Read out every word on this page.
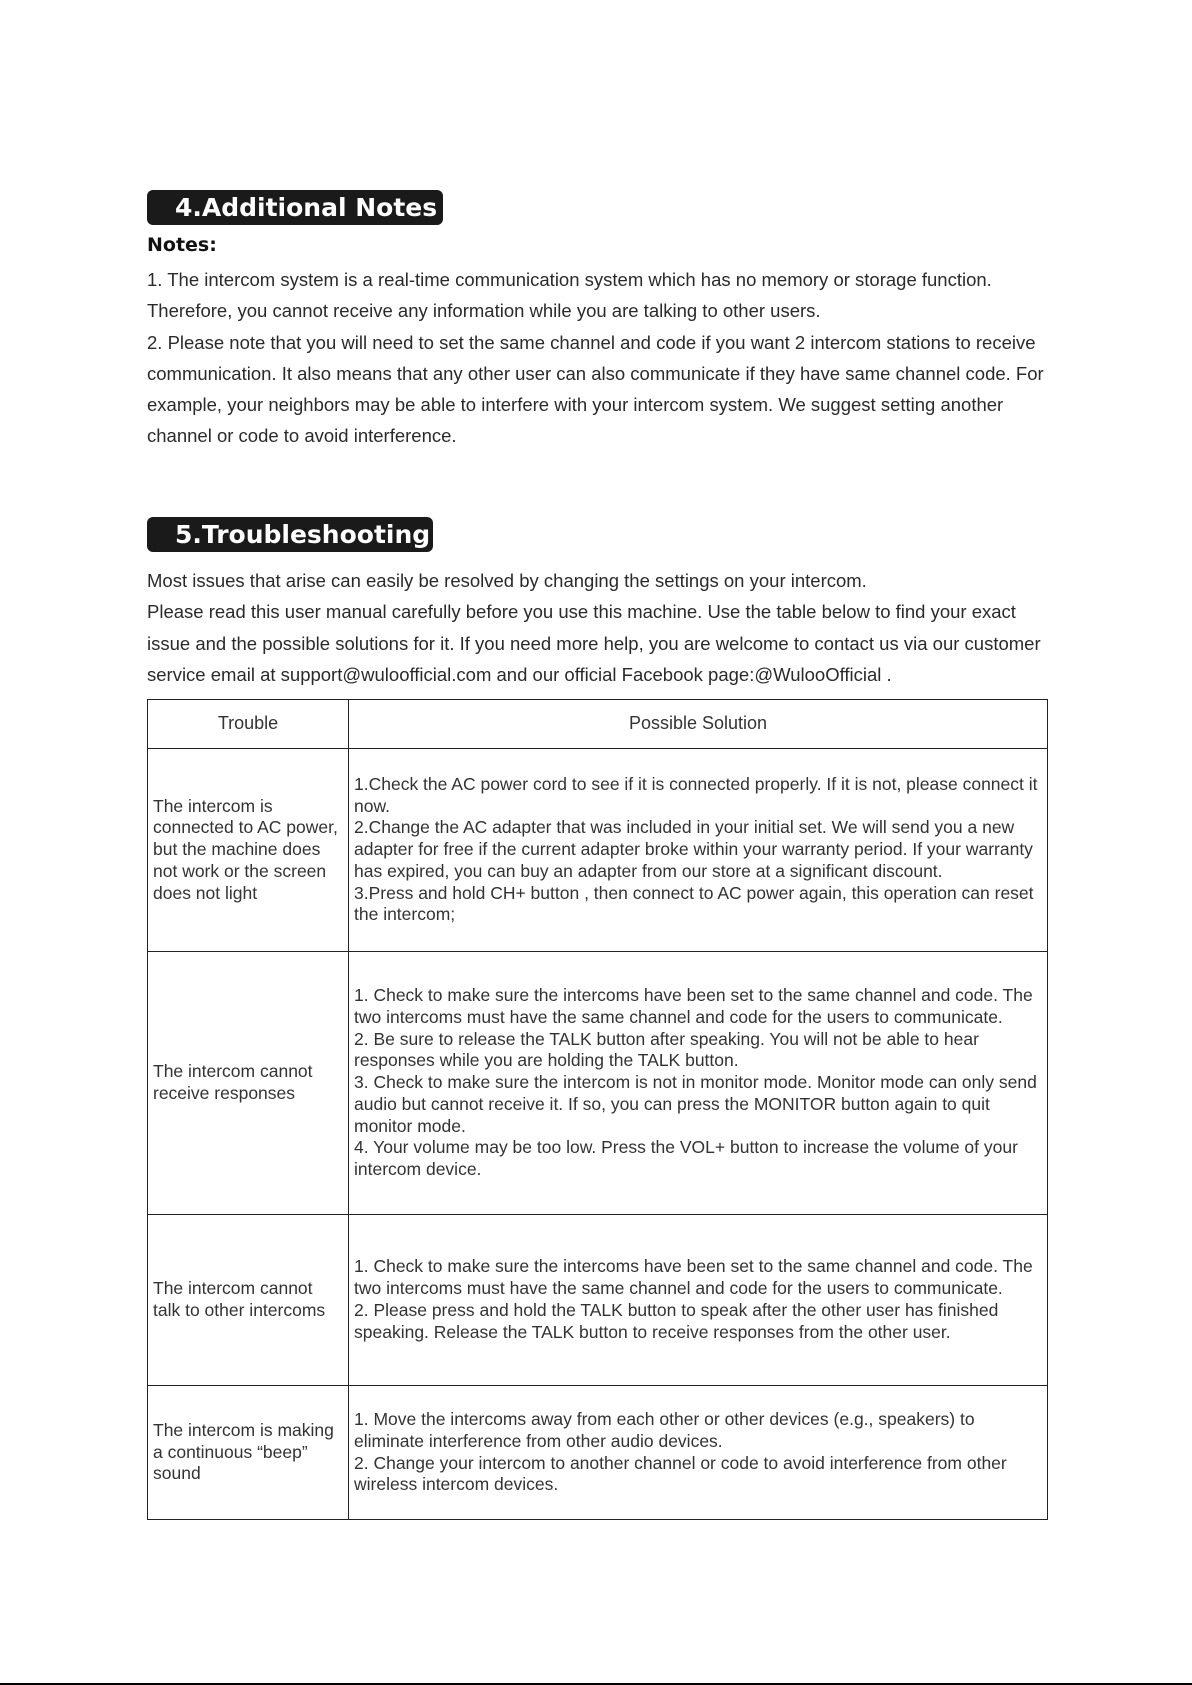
4.Additional Notes
Notes:

1. The intercom system is a real-time communication system which has no memory or storage function. Therefore, you cannot receive any information while you are talking to other users.

2. Please note that you will need to set the same channel and code if you want 2 intercom stations to receive communication. It also means that any other user can also communicate if they have same channel code. For example, your neighbors may be able to interfere with your intercom system. We suggest setting another channel or code to avoid interference.

5.Troubleshooting

Most issues that arise can easily be resolved by changing the settings on your intercom.

Please read this user manual carefully before you use this machine. Use the table below to find your exact issue and the possible solutions for it. If you need more help, you are welcome to contact us via our customer service email at support@wuloofficial.com and our official Facebook page:@WulooOfficial .

Trouble	Possible Solution
The intercom is connected to AC power, but the machine does not work or the screen does not light	1.Check the AC power cord to see if it is connected properly. If it is not, please connect it now.
2.Change the AC adapter that was included in your initial set. We will send you a new adapter for free if the current adapter broke within your warranty period. If your warranty has expired, you can buy an adapter from our store at a significant discount.
3.Press and hold CH+ button , then connect to AC power again, this operation can reset the intercom;

The intercom cannot receive responses	1. Check to make sure the intercoms have been set to the same channel and code. The two intercoms must have the same channel and code for the users to communicate.
2. Be sure to release the TALK button after speaking. You will not be able to hear responses while you are holding the TALK button.
3. Check to make sure the intercom is not in monitor mode. Monitor mode can only send audio but cannot receive it. If so, you can press the MONITOR button again to quit monitor mode.
4. Your volume may be too low. Press the VOL+ button to increase the volume of your intercom device.

The intercom cannot talk to other intercoms	1. Check to make sure the intercoms have been set to the same channel and code. The two intercoms must have the same channel and code for the users to communicate.
2. Please press and hold the TALK button to speak after the other user has finished speaking. Release the TALK button to receive responses from the other user.

The intercom is making a continuous “beep” sound	1. Move the intercoms away from each other or other devices (e.g., speakers) to eliminate interference from other audio devices.
2. Change your intercom to another channel or code to avoid interference from other wireless intercom devices.
